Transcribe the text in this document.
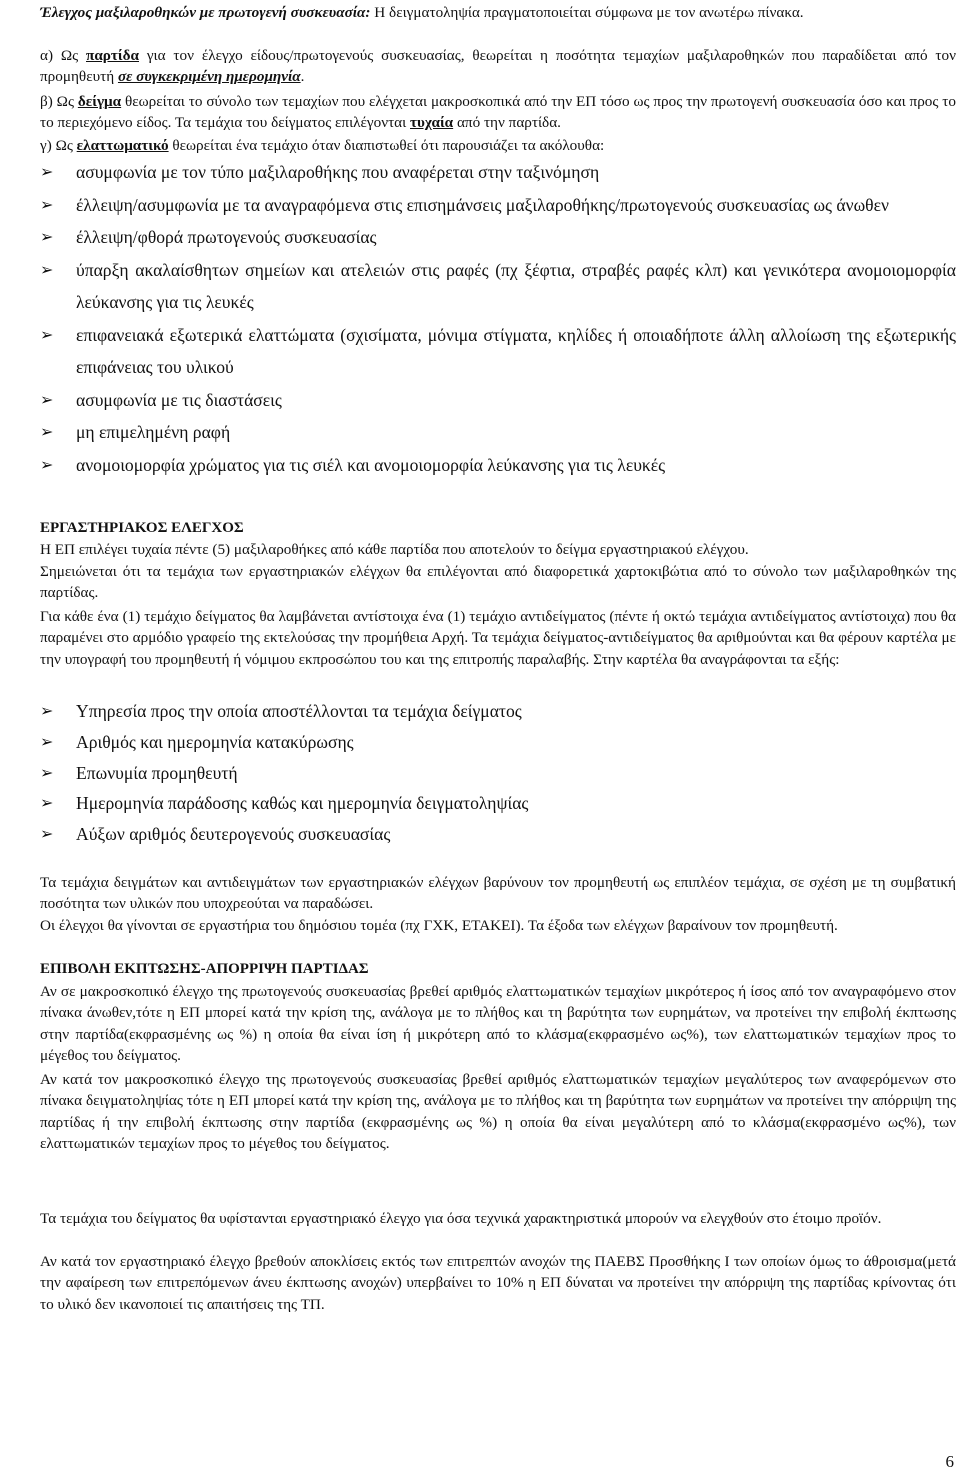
Έλεγχος μαξιλαροθηκών με πρωτογενή συσκευασία: Η δειγματοληψία πραγματοποιείται σύμφωνα με τον ανωτέρω πίνακα.

α) Ως παρτίδα για τον έλεγχο είδους/πρωτογενούς συσκευασίας, θεωρείται η ποσότητα τεμαχίων μαξιλαροθηκών που παραδίδεται από τον προμηθευτή σε συγκεκριμένη ημερομηνία.

β) Ως δείγμα θεωρείται το σύνολο των τεμαχίων που ελέγχεται μακροσκοπικά από την ΕΠ τόσο ως προς την πρωτογενή συσκευασία όσο και προς το το περιεχόμενο είδος. Τα τεμάχια του δείγματος επιλέγονται τυχαία από την παρτίδα.

γ) Ως ελαττωματικό θεωρείται ένα τεμάχιο όταν διαπιστωθεί ότι παρουσιάζει τα ακόλουθα:

➢ ασυμφωνία με τον τύπο μαξιλαροθήκης που αναφέρεται στην ταξινόμηση
➢ έλλειψη/ασυμφωνία με τα αναγραφόμενα στις επισημάνσεις μαξιλαροθήκης/πρωτογενούς συσκευασίας ως άνωθεν
➢ έλλειψη/φθορά πρωτογενούς συσκευασίας
➢ ύπαρξη ακαλαίσθητων σημείων και ατελειών στις ραφές (πχ ξέφτια, στραβές ραφές κλπ) και γενικότερα ανομοιομορφία λεύκανσης για τις λευκές
➢ επιφανειακά εξωτερικά ελαττώματα (σχισίματα, μόνιμα στίγματα, κηλίδες ή οποιαδήποτε άλλη αλλοίωση της εξωτερικής επιφάνειας του υλικού
➢ ασυμφωνία με τις διαστάσεις
➢ μη επιμελημένη ραφή
➢ ανομοιομορφία χρώματος για τις σιέλ και ανομοιομορφία λεύκανσης για τις λευκές

ΕΡΓΑΣΤΗΡΙΑΚΟΣ ΕΛΕΓΧΟΣ

Η ΕΠ επιλέγει τυχαία πέντε (5) μαξιλαροθήκες από κάθε παρτίδα που αποτελούν το δείγμα εργαστηριακού ελέγχου.

Σημειώνεται ότι τα τεμάχια των εργαστηριακών ελέγχων θα επιλέγονται από διαφορετικά χαρτοκιβώτια από το σύνολο των μαξιλαροθηκών της παρτίδας.

Για κάθε ένα (1) τεμάχιο δείγματος θα λαμβάνεται αντίστοιχα ένα (1) τεμάχιο αντιδείγματος (πέντε ή οκτώ τεμάχια αντιδείγματος αντίστοιχα) που θα παραμένει στο αρμόδιο γραφείο της εκτελούσας την προμήθεια Αρχή. Τα τεμάχια δείγματος-αντιδείγματος θα αριθμούνται και θα φέρουν καρτέλα με την υπογραφή του προμηθευτή ή νόμιμου εκπροσώπου του και της επιτροπής παραλαβής. Στην καρτέλα θα αναγράφονται τα εξής:

➢ Υπηρεσία προς την οποία αποστέλλονται τα τεμάχια δείγματος
➢ Αριθμός και ημερομηνία κατακύρωσης
➢ Επωνυμία προμηθευτή
➢ Ημερομηνία παράδοσης καθώς και ημερομηνία δειγματοληψίας
➢ Αύξων αριθμός δευτερογενούς συσκευασίας

Τα τεμάχια δειγμάτων και αντιδειγμάτων των εργαστηριακών ελέγχων βαρύνουν τον προμηθευτή ως επιπλέον τεμάχια, σε σχέση με τη συμβατική ποσότητα των υλικών που υποχρεούται να παραδώσει.

Οι έλεγχοι θα γίνονται σε εργαστήρια του δημόσιου τομέα (πχ ΓΧΚ, ΕΤΑΚΕΙ). Τα έξοδα των ελέγχων βαραίνουν τον προμηθευτή.

ΕΠΙΒΟΛΗ ΕΚΠΤΩΣΗΣ-ΑΠΟΡΡΙΨΗ ΠΑΡΤΙΔΑΣ

Αν σε μακροσκοπικό έλεγχο της πρωτογενούς συσκευασίας βρεθεί αριθμός ελαττωματικών τεμαχίων μικρότερος ή ίσος από τον αναγραφόμενο στον πίνακα άνωθεν,τότε η ΕΠ μπορεί κατά την κρίση της, ανάλογα με το πλήθος και τη βαρύτητα των ευρημάτων, να προτείνει την επιβολή έκπτωσης στην παρτίδα(εκφρασμένης ως %) η οποία θα είναι ίση ή μικρότερη από το κλάσμα(εκφρασμένο ως%), των ελαττωματικών τεμαχίων προς το μέγεθος του δείγματος.

Αν κατά τον μακροσκοπικό έλεγχο της πρωτογενούς συσκευασίας βρεθεί αριθμός ελαττωματικών τεμαχίων μεγαλύτερος των αναφερόμενων στο πίνακα δειγματοληψίας τότε η ΕΠ μπορεί κατά την κρίση της, ανάλογα με το πλήθος και τη βαρύτητα των ευρημάτων να προτείνει την απόρριψη της παρτίδας ή την επιβολή έκπτωσης στην παρτίδα (εκφρασμένης ως %) η οποία θα είναι μεγαλύτερη από το κλάσμα(εκφρασμένο ως%), των ελαττωματικών τεμαχίων προς το μέγεθος του δείγματος.

Τα τεμάχια του δείγματος θα υφίστανται εργαστηριακό έλεγχο για όσα τεχνικά χαρακτηριστικά μπορούν να ελεγχθούν στο έτοιμο προϊόν.

Αν κατά τον εργαστηριακό έλεγχο βρεθούν αποκλίσεις εκτός των επιτρεπτών ανοχών της ΠΑΕΒΣ Προσθήκης Ι των οποίων όμως το άθροισμα(μετά την αφαίρεση των επιτρεπόμενων άνευ έκπτωσης ανοχών) υπερβαίνει το 10% η ΕΠ δύναται να προτείνει την απόρριψη της παρτίδας κρίνοντας ότι το υλικό δεν ικανοποιεί τις απαιτήσεις της ΤΠ.

6
